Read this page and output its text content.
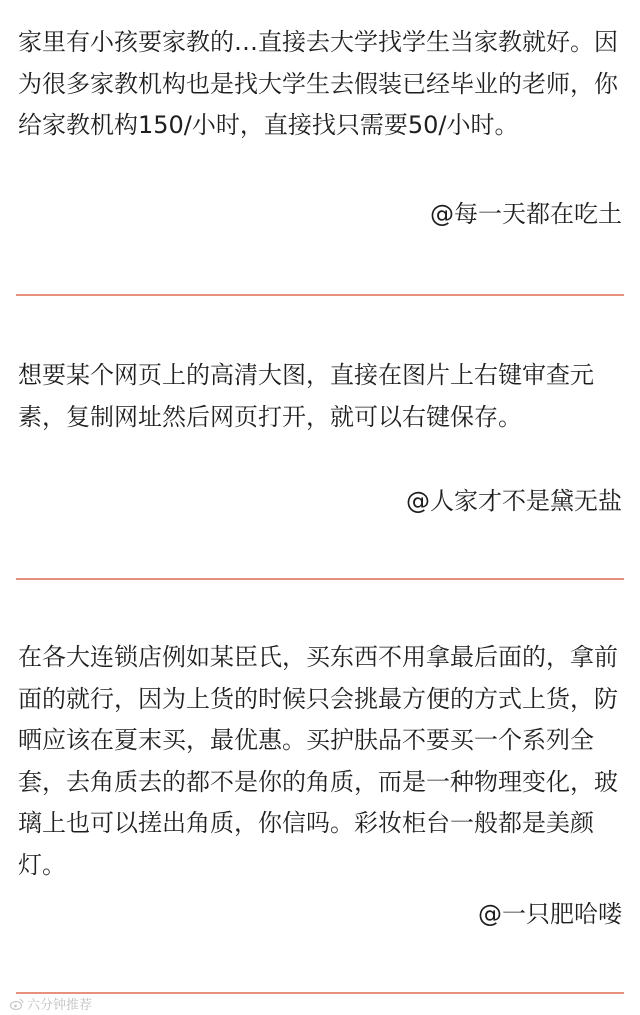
家里有小孩要家教的…直接去大学找学生当家教就好。因为很多家教机构也是找大学生去假装已经毕业的老师，你给家教机构150/小时，直接找只需要50/小时。

@每一天都在吃土

想要某个网页上的高清大图，直接在图片上右键审查元素，复制网址然后网页打开，就可以右键保存。

@人家才不是黛无盐

在各大连锁店例如某臣氏，买东西不用拿最后面的，拿前面的就行，因为上货的时候只会挑最方便的方式上货，防晒应该在夏末买，最优惠。买护肤品不要买一个系列全套，去角质去的都不是你的角质，而是一种物理变化，玻璃上也可以搓出角质，你信吗。彩妆柜台一般都是美颜灯。

@一只肥哈喽
六分钟推荐
